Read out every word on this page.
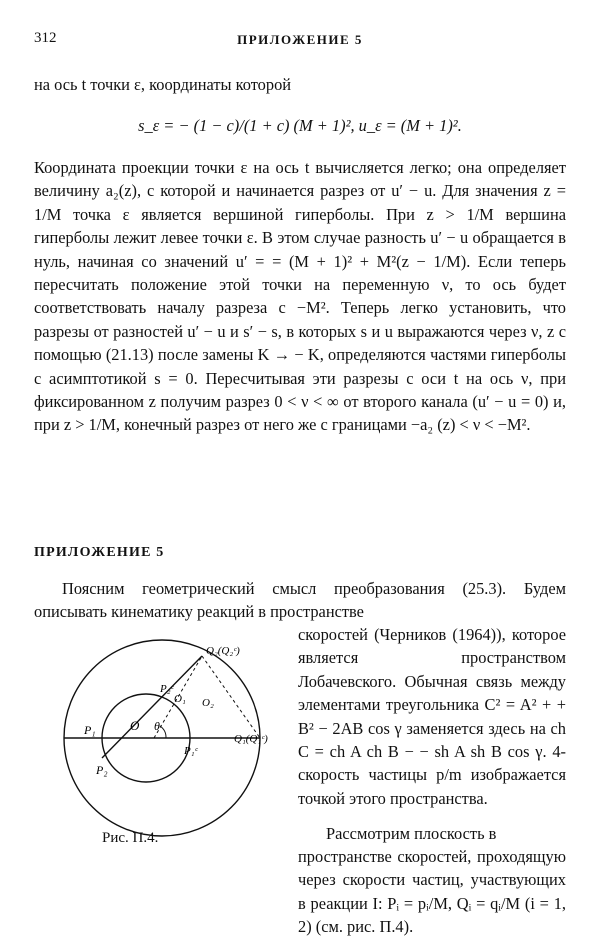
312	ПРИЛОЖЕНИЕ 5
на ось t точки ε, координаты которой
s_ε = − (1 − c)/(1 + c) (M + 1)², u_ε = (M + 1)².
Координата проекции точки ε на ось t вычисляется легко; она определяет величину a₂(z), с которой и начинается разрез от u′ − u. Для значения z = 1/M точка ε является вершиной гиперболы. При z > 1/M вершина гиперболы лежит левее точки ε. В этом случае разность u′ − u обращается в нуль, начиная со значений u′ = = (M + 1)² + M²(z − 1/M). Если теперь пересчитать положение этой точки на переменную ν, то ось будет соответствовать началу разреза с −M². Теперь легко установить, что разрезы от разностей u′ − u и s′ − s, в которых s и u выражаются через ν, z с помощью (21.13) после замены K → − K, определяются частями гиперболы с асимптотикой s = 0. Пересчитывая эти разрезы с оси t на ось ν, при фиксированном z получим разрез 0 < ν < ∞ от второго канала (u′ − u = 0) и, при z > 1/M, конечный разрез от него же с границами −a₂ (z) < ν < −M².
ПРИЛОЖЕНИЕ 5
Поясним геометрический смысл преобразования (25.3). Будем описывать кинематику реакций в пространстве
Q₂(Q₂ᶜ)
P₂ᶜ
O₁ O₂
P₁	O θ
P₁ᶜ
Q₁(Q₁ᶜ)
P₂
Рис. П.4.
скоростей (Черников (1964)), которое является пространством Лобачевского. Обычная связь между элементами треугольника C² = A² + + B² − 2AB cos γ заменяется здесь на ch C = ch A ch B − − sh A sh B cos γ. 4-скорость частицы p/m изображается точкой этого пространства.
Рассмотрим плоскость в
пространстве скоростей, проходящую через скорости частиц, участвующих в реакции I: Pᵢ = pᵢ/M, Qᵢ = qᵢ/M (i = 1, 2) (см. рис. П.4).
